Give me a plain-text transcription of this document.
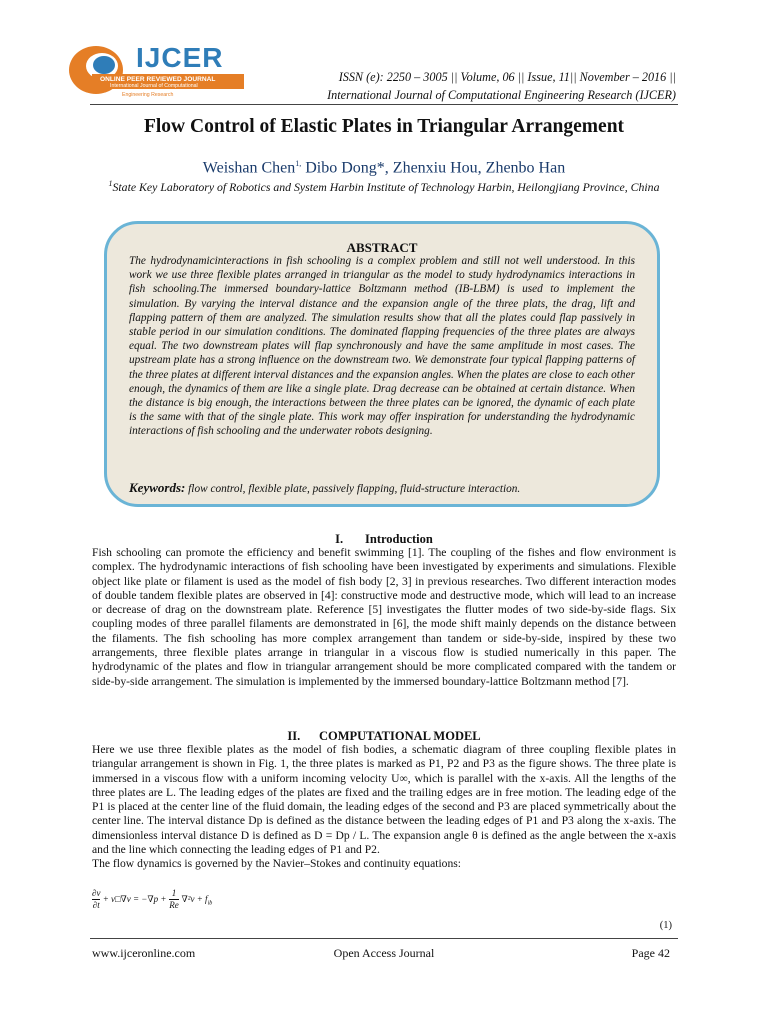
IJCER
ONLINE PEER REVIEWED JOURNAL
International Journal of Computational
Engineering Research
ISSN (e): 2250 – 3005 || Volume, 06 || Issue, 11|| November – 2016 ||
International Journal of Computational Engineering Research (IJCER)
Flow Control of Elastic Plates in Triangular Arrangement
Weishan Chen$^{1,}$ Dibo Dong*, Zhenxiu Hou, Zhenbo Han
$^1$State Key Laboratory of Robotics and System Harbin Institute of Technology Harbin, Heilongjiang Province, China
ABSTRACT
The hydrodynamicinteractions in fish schooling is a complex problem and still not well understood. In this work we use three flexible plates arranged in triangular as the model to study hydrodynamics interactions in fish schooling.The immersed boundary-lattice Boltzmann method (IB-LBM) is used to implement the simulation. By varying the interval distance and the expansion angle of the three plats, the drag, lift and flapping pattern of them are analyzed. The simulation results show that all the plates could flap passively in stable period in our simulation conditions. The dominated flapping frequencies of the three plates are always equal. The two downstream plates will flap synchronously and have the same amplitude in most cases. The upstream plate has a strong influence on the downstream two. We demonstrate four typical flapping patterns of the three plates at different interval distances and the expansion angles. When the plates are close to each other enough, the dynamics of them are like a single plate. Drag decrease can be obtained at certain distance. When the distance is big enough, the interactions between the three plates can be ignored, the dynamic of each plate is the same with that of the single plate. This work may offer inspiration for understanding the hydrodynamic interactions of fish schooling and the underwater robots designing.
Keywords: flow control, flexible plate, passively flapping, fluid-structure interaction.
I.       Introduction
Fish schooling can promote the efficiency and benefit swimming [1]. The coupling of the fishes and flow environment is complex. The hydrodynamic interactions of fish schooling have been investigated by experiments and simulations. Flexible object like plate or filament is used as the model of fish body [2, 3] in previous researches. Two different interaction modes of double tandem flexible plates are observed in [4]: constructive mode and destructive mode, which will lead to an increase or decrease of drag on the downstream plate. Reference [5] investigates the flutter modes of two side-by-side flags. Six coupling modes of three parallel filaments are demonstrated in [6], the mode shift mainly depends on the distance between the filaments. The fish schooling has more complex arrangement than tandem or side-by-side, inspired by these two arrangements, three flexible plates arrange in triangular in a viscous flow is studied numerically in this paper. The hydrodynamic of the plates and flow in triangular arrangement should be more complicated compared with the tandem or side-by-side arrangement. The simulation is implemented by the immersed boundary-lattice Boltzmann method [7].
II.      COMPUTATIONAL MODEL
Here we use three flexible plates as the model of fish bodies, a schematic diagram of three coupling flexible plates in triangular arrangement is shown in Fig. 1, the three plates is marked as P1, P2 and P3 as the figure shows. The three plate is immersed in a viscous flow with a uniform incoming velocity U∞, which is parallel with the x-axis. All the lengths of the three plates are L. The leading edges of the plates are fixed and the trailing edges are in free motion. The leading edge of the P1 is placed at the center line of the fluid domain, the leading edges of the second and P3 are placed symmetrically about the center line. The interval distance Dp is defined as the distance between the leading edges of P1 and P3 along the x-axis. The dimensionless interval distance D is defined as D = Dp / L. The expansion angle θ is defined as the angle between the x-axis and the line which connecting the leading edges of P1 and P2.
The flow dynamics is governed by the Navier–Stokes and continuity equations:
$\frac{\partial v}{\partial t}$ + v□∇v = $-\nabla p + \frac{1}{Re} \nabla^2v + f_{ib}$
(1)
www.ijceronline.com	Open Access Journal	Page 42
